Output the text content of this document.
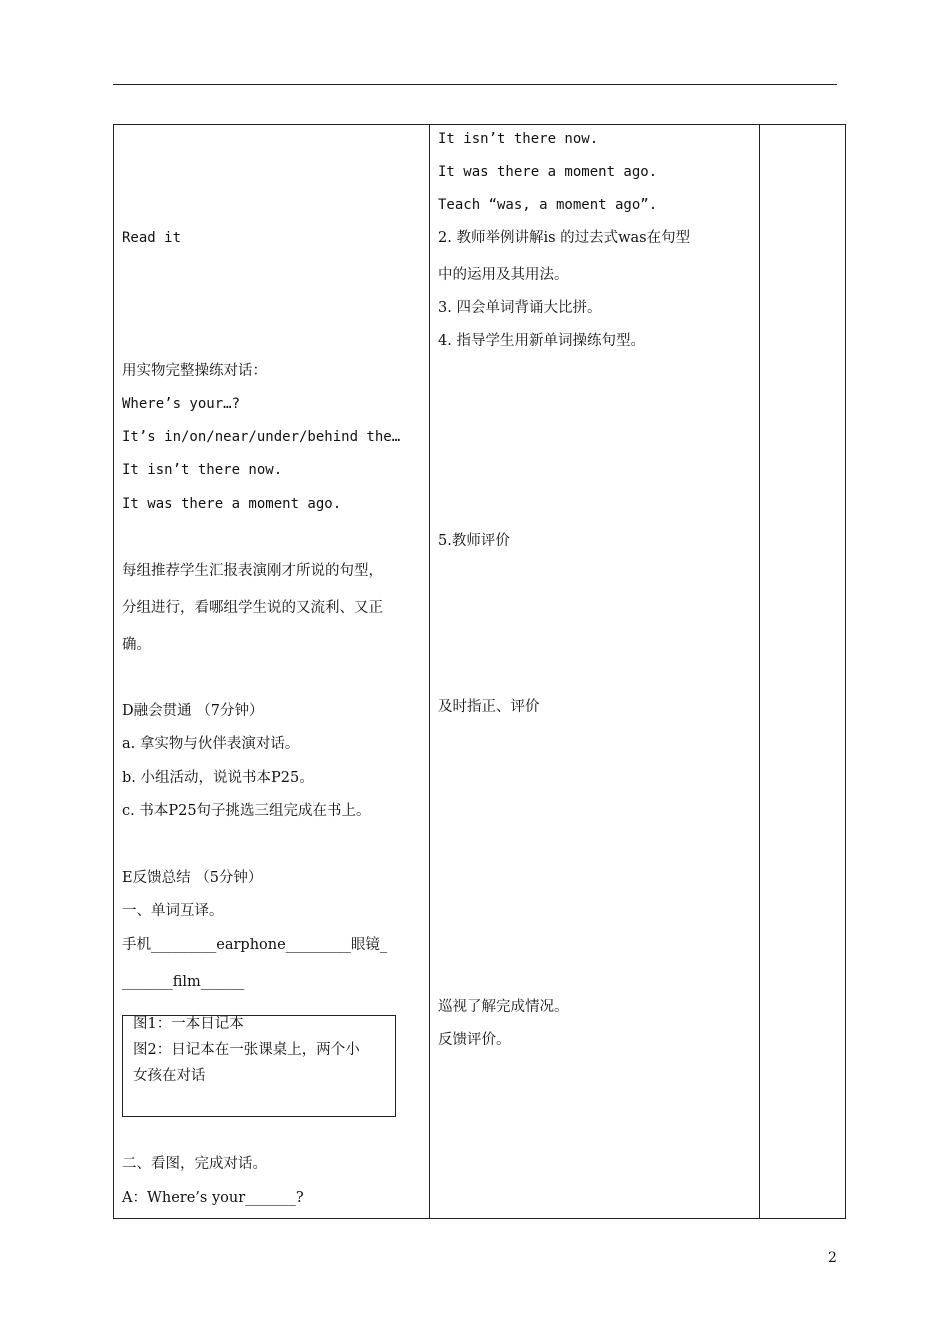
Read it
用实物完整操练对话：
Where’s your…?
It’s in/on/near/under/behind the…
It isn’t there now.
It was there a moment ago.
每组推荐学生汇报表演刚才所说的句型，
分组进行，看哪组学生说的又流利、又正
确。
D融会贯通 （7分钟）
a. 拿实物与伙伴表演对话。
b. 小组活动，说说书本P25。
c. 书本P25句子挑选三组完成在书上。
E反馈总结 （5分钟）
一、单词互译。
手机_________earphone_________眼镜_
_______film______
图1：一本日记本
图2：日记本在一张课桌上，两个小
女孩在对话
二、看图，完成对话。
A：Where’s your_______?
It isn’t there now.
It was there a moment ago.
Teach “was, a moment ago”.
2. 教师举例讲解is 的过去式was在句型
中的运用及其用法。
3. 四会单词背诵大比拼。
4. 指导学生用新单词操练句型。
5.教师评价
及时指正、评价
巡视了解完成情况。
反馈评价。
2
